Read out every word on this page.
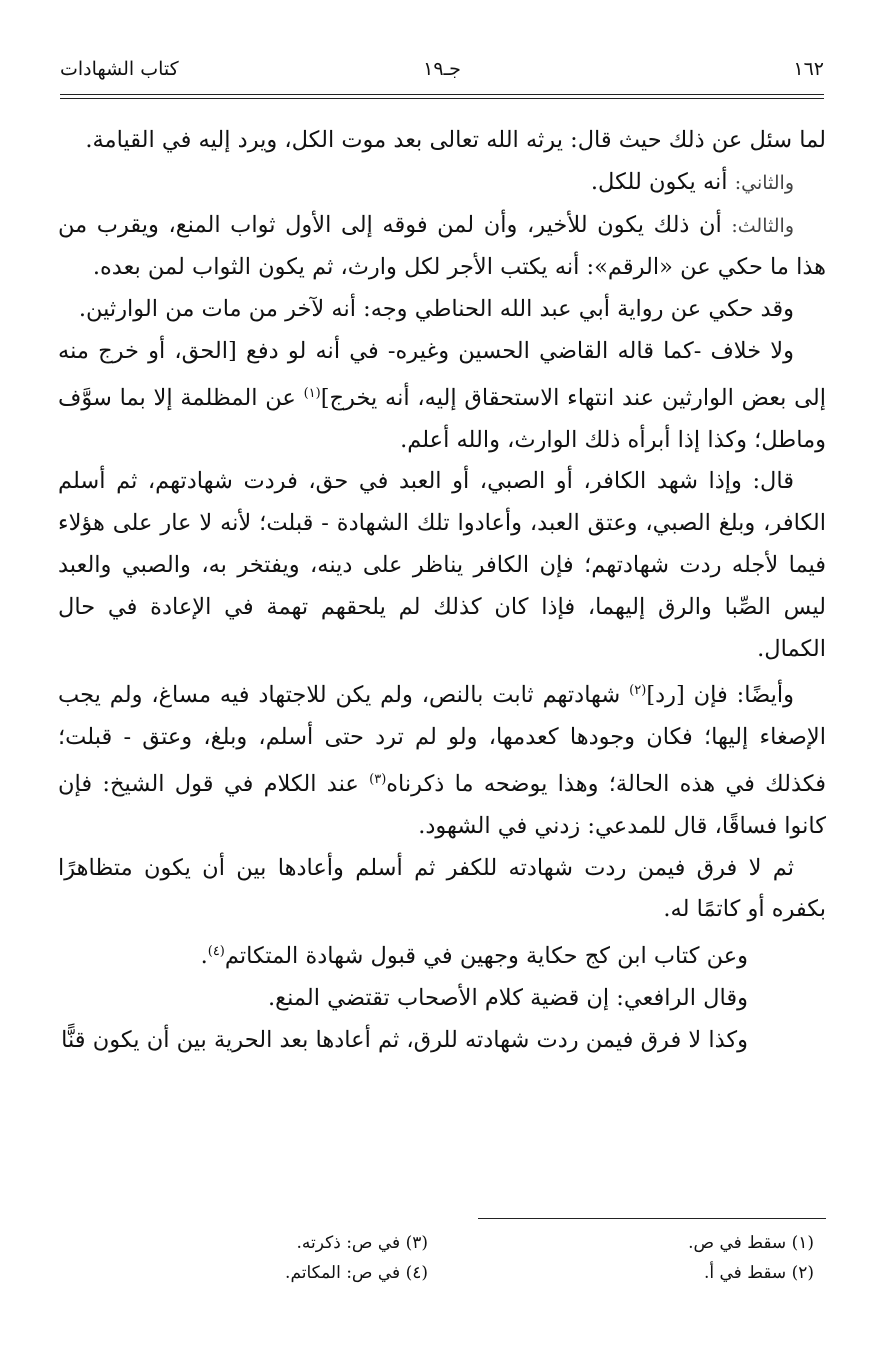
١٦٢
جـ١٩
كتاب الشهادات

لما سئل عن ذلك حيث قال: يرثه الله تعالى بعد موت الكل، ويرد إليه في القيامة.

والثاني: أنه يكون للكل.

والثالث: أن ذلك يكون للأخير، وأن لمن فوقه إلى الأول ثواب المنع، ويقرب من هذا ما حكي عن «الرقم»: أنه يكتب الأجر لكل وارث، ثم يكون الثواب لمن بعده.

وقد حكي عن رواية أبي عبد الله الحناطي وجه: أنه لآخر من مات من الوارثين.

ولا خلاف -كما قاله القاضي الحسين وغيره- في أنه لو دفع [الحق، أو خرج منه إلى بعض الوارثين عند انتهاء الاستحقاق إليه، أنه يخرج]$^{(١)}$ عن المظلمة إلا بما سوَّف وماطل؛ وكذا إذا أبرأه ذلك الوارث، والله أعلم.

قال: وإذا شهد الكافر، أو الصبي، أو العبد في حق، فردت شهادتهم، ثم أسلم الكافر، وبلغ الصبي، وعتق العبد، وأعادوا تلك الشهادة - قبلت؛ لأنه لا عار على هؤلاء فيما لأجله ردت شهادتهم؛ فإن الكافر يناظر على دينه، ويفتخر به، والصبي والعبد ليس الصِّبا والرق إليهما، فإذا كان كذلك لم يلحقهم تهمة في الإعادة في حال الكمال.

وأيضًا: فإن [رد]$^{(٢)}$ شهادتهم ثابت بالنص، ولم يكن للاجتهاد فيه مساغ، ولم يجب الإصغاء إليها؛ فكان وجودها كعدمها، ولو لم ترد حتى أسلم، وبلغ، وعتق - قبلت؛ فكذلك في هذه الحالة؛ وهذا يوضحه ما ذكرناه$^{(٣)}$ عند الكلام في قول الشيخ: فإن كانوا فساقًا، قال للمدعي: زدني في الشهود.

ثم لا فرق فيمن ردت شهادته للكفر ثم أسلم وأعادها بين أن يكون متظاهرًا بكفره أو كاتمًا له.

وعن كتاب ابن كج حكاية وجهين في قبول شهادة المتكاتم$^{(٤)}$.

وقال الرافعي: إن قضية كلام الأصحاب تقتضي المنع.

وكذا لا فرق فيمن ردت شهادته للرق، ثم أعادها بعد الحرية بين أن يكون قنًّا

(١) سقط في ص.
(٢) سقط في أ.
(٣) في ص: ذكرته.
(٤) في ص: المكاتم.
